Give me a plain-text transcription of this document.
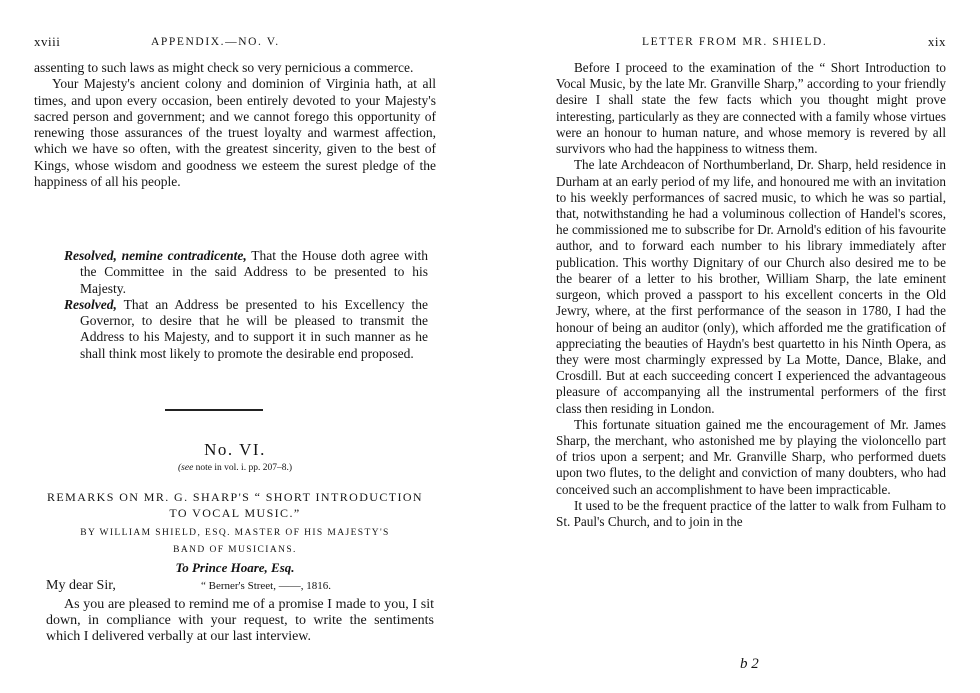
xviii	APPENDIX.—NO. V.

assenting to such laws as might check so very pernicious a commerce.

Your Majesty's ancient colony and dominion of Virginia hath, at all times, and upon every occasion, been entirely devoted to your Majesty's sacred person and government; and we cannot forego this opportunity of renewing those assurances of the truest loyalty and warmest affection, which we have so often, with the greatest sincerity, given to the best of Kings, whose wisdom and goodness we esteem the surest pledge of the happiness of all his people.

Resolved, nemine contradicente, That the House doth agree with the Committee in the said Address to be presented to his Majesty.

Resolved, That an Address be presented to his Excellency the Governor, to desire that he will be pleased to transmit the Address to his Majesty, and to support it in such manner as he shall think most likely to promote the desirable end proposed.

No. VI.
(see note in vol. i. pp. 207–8.)
REMARKS ON MR. G. SHARP'S “ SHORT INTRODUCTION
TO VOCAL MUSIC.”
BY WILLIAM SHIELD, ESQ. MASTER OF HIS MAJESTY'S
BAND OF MUSICIANS.
To Prince Hoare, Esq.
My dear Sir,	“ Berner's Street, ——, 1816.

As you are pleased to remind me of a promise I made to you, I sit down, in compliance with your request, to write the sentiments which I delivered verbally at our last interview.

LETTER FROM MR. SHIELD.	xix

Before I proceed to the examination of the “ Short Introduction to Vocal Music, by the late Mr. Granville Sharp,” according to your friendly desire I shall state the few facts which you thought might prove interesting, particularly as they are connected with a family whose virtues were an honour to human nature, and whose memory is revered by all survivors who had the happiness to witness them.

The late Archdeacon of Northumberland, Dr. Sharp, held residence in Durham at an early period of my life, and honoured me with an invitation to his weekly performances of sacred music, to which he was so partial, that, notwithstanding he had a voluminous collection of Handel's scores, he commissioned me to subscribe for Dr. Arnold's edition of his favourite author, and to forward each number to his library immediately after publication. This worthy Dignitary of our Church also desired me to be the bearer of a letter to his brother, William Sharp, the late eminent surgeon, which proved a passport to his excellent concerts in the Old Jewry, where, at the first performance of the season in 1780, I had the honour of being an auditor (only), which afforded me the gratification of appreciating the beauties of Haydn's best quartetto in his Ninth Opera, as they were most charmingly expressed by La Motte, Dance, Blake, and Crosdill. But at each succeeding concert I experienced the advantageous pleasure of accompanying all the instrumental performers of the first class then residing in London.

This fortunate situation gained me the encouragement of Mr. James Sharp, the merchant, who astonished me by playing the violoncello part of trios upon a serpent; and Mr. Granville Sharp, who performed duets upon two flutes, to the delight and conviction of many doubters, who had conceived such an accomplishment to have been impracticable.

It used to be the frequent practice of the latter to walk from Fulham to St. Paul's Church, and to join in the

b 2
